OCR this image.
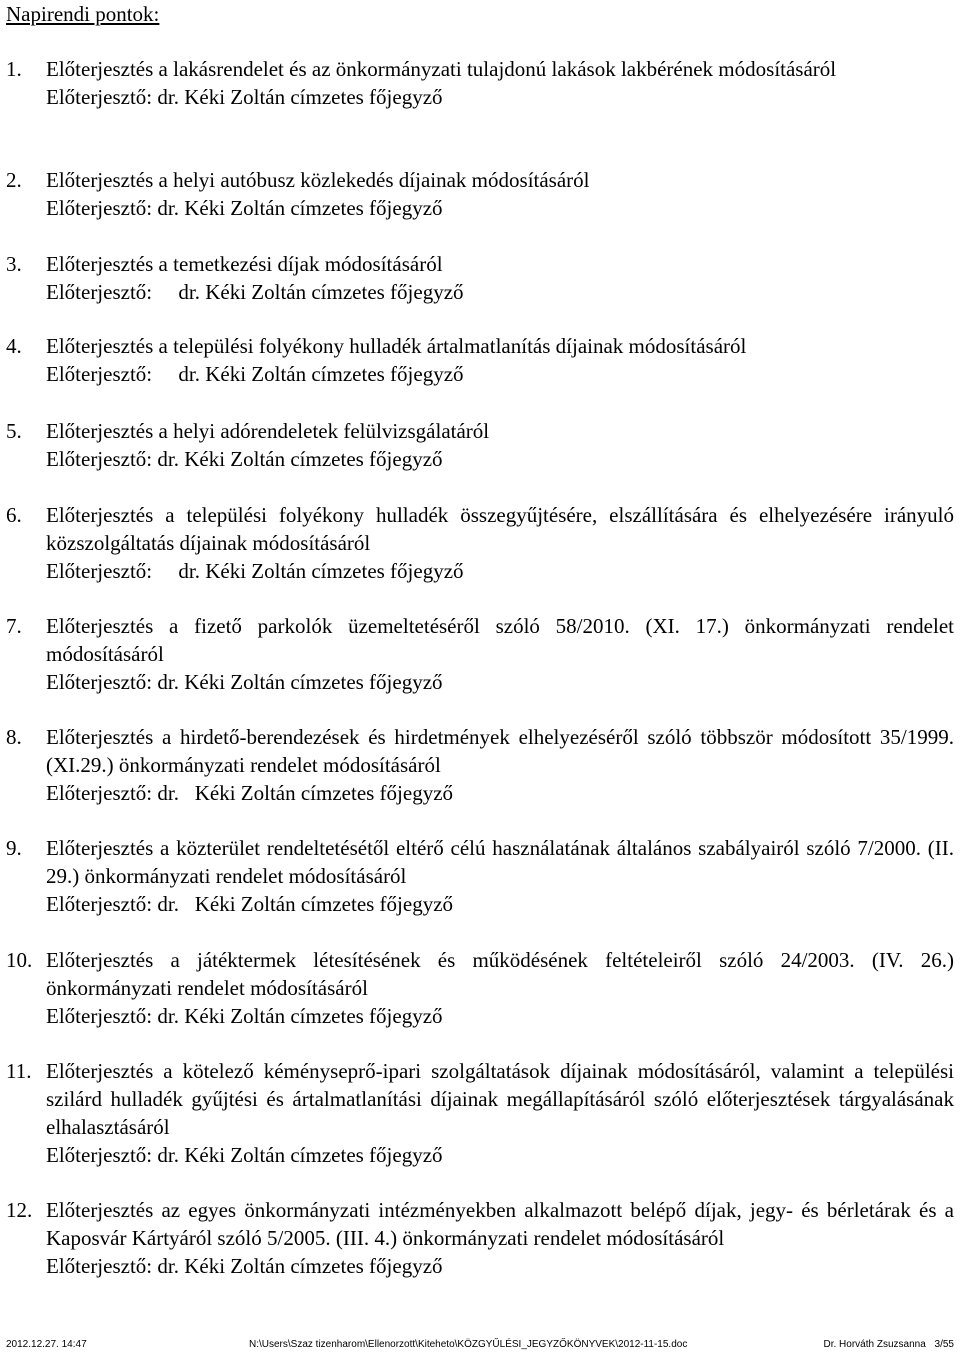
Napirendi pontok:
1.	Előterjesztés a lakásrendelet és az önkormányzati tulajdonú lakások lakbérének módosításáról
Előterjesztő: dr. Kéki Zoltán címzetes főjegyző
2.	Előterjesztés a helyi autóbusz közlekedés díjainak módosításáról
Előterjesztő: dr. Kéki Zoltán címzetes főjegyző
3.	Előterjesztés a temetkezési díjak módosításáról
Előterjesztő:     dr. Kéki Zoltán címzetes főjegyző
4.	Előterjesztés a települési folyékony hulladék ártalmatlanítás díjainak módosításáról
Előterjesztő:     dr. Kéki Zoltán címzetes főjegyző
5.	Előterjesztés a helyi adórendeletek felülvizsgálatáról
Előterjesztő: dr. Kéki Zoltán címzetes főjegyző
6.	Előterjesztés a települési folyékony hulladék összegyűjtésére, elszállítására és elhelyezésére irányuló közszolgáltatás díjainak módosításáról
Előterjesztő:     dr. Kéki Zoltán címzetes főjegyző
7.	Előterjesztés a fizető parkolók üzemeltetéséről szóló 58/2010. (XI. 17.) önkormányzati rendelet módosításáról
Előterjesztő: dr. Kéki Zoltán címzetes főjegyző
8.	Előterjesztés a hirdető-berendezések és hirdetmények elhelyezéséről szóló többször módosított 35/1999. (XI.29.) önkormányzati rendelet módosításáról
Előterjesztő: dr.   Kéki Zoltán címzetes főjegyző
9.	Előterjesztés a közterület rendeltetésétől eltérő célú használatának általános szabályairól szóló 7/2000. (II. 29.) önkormányzati rendelet módosításáról
Előterjesztő: dr.   Kéki Zoltán címzetes főjegyző
10. Előterjesztés a játéktermek létesítésének és működésének feltételeiről szóló 24/2003. (IV. 26.) önkormányzati rendelet módosításáról
Előterjesztő: dr. Kéki Zoltán címzetes főjegyző
11. Előterjesztés a kötelező kéményseprő-ipari szolgáltatások díjainak módosításáról, valamint a települési szilárd hulladék gyűjtési és ártalmatlanítási díjainak megállapításáról szóló előterjesztések tárgyalásának elhalasztásáról
Előterjesztő: dr. Kéki Zoltán címzetes főjegyző
12. Előterjesztés az egyes önkormányzati intézményekben alkalmazott belépő díjak, jegy- és bérletárak és a Kaposvár Kártyáról szóló 5/2005. (III. 4.) önkormányzati rendelet módosításáról
Előterjesztő: dr. Kéki Zoltán címzetes főjegyző
2012.12.27. 14:47	N:\Users\Szaz tizenharom\Ellenorzott\Kiteheto\KÖZGYŰLÉSI_JEGYZŐKÖNYVEK\2012-11-15.doc	Dr. Horváth Zsuzsanna 3/55
